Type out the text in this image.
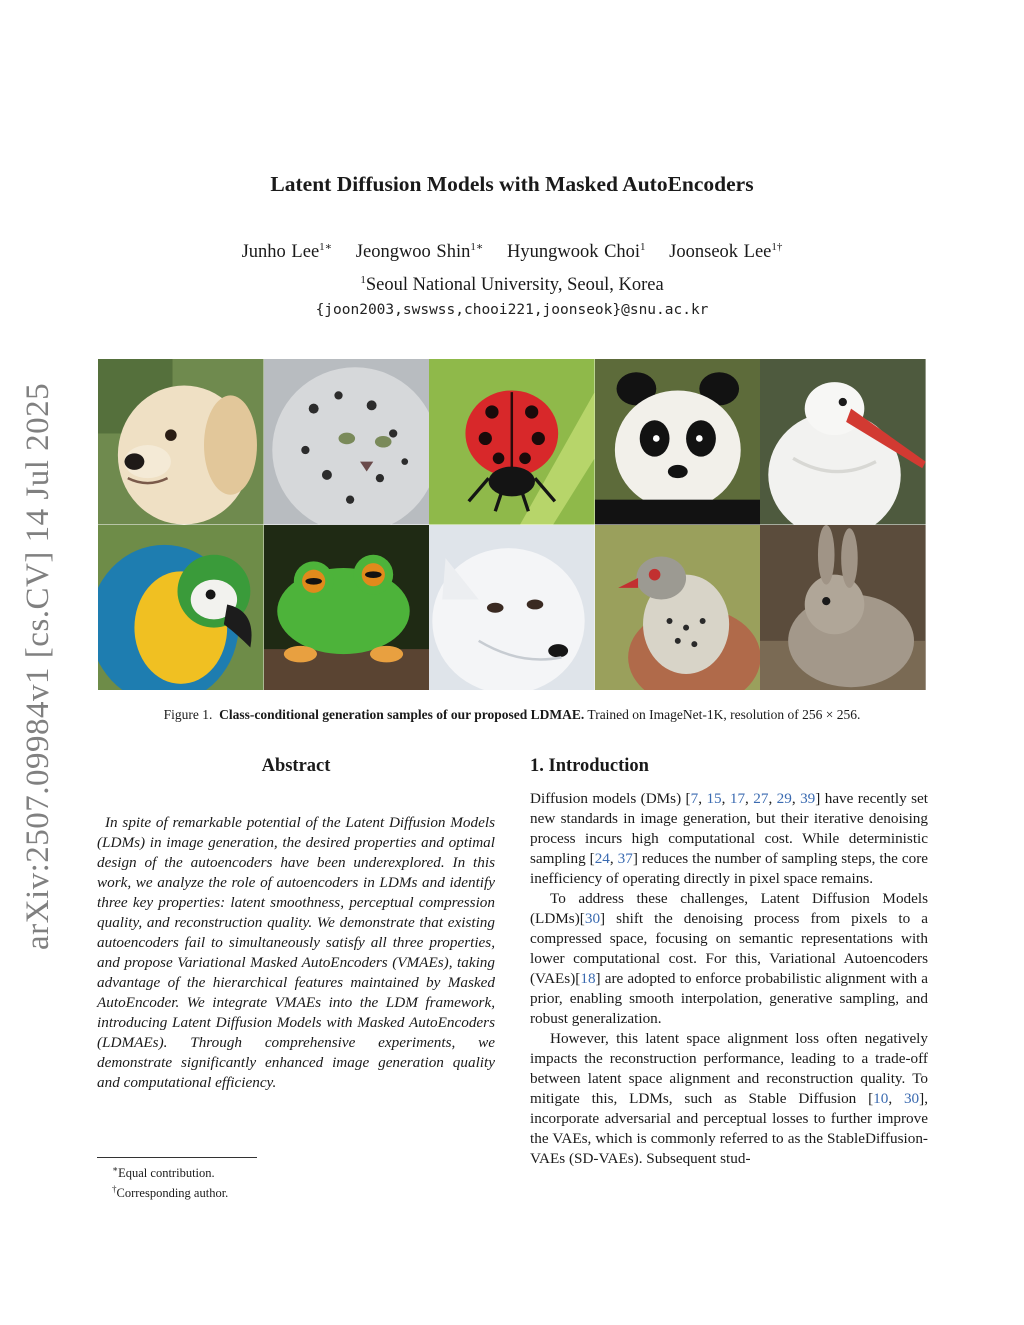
arXiv:2507.09984v1 [cs.CV] 14 Jul 2025
Latent Diffusion Models with Masked AutoEncoders
Junho Lee$^{1∗}$ Jeongwoo Shin$^{1∗}$ Hyungwook Choi$^1$ Joonseok Lee$^{1\dagger}$
$^1$Seoul National University, Seoul, Korea
{joon2003,swswss,chooi221,joonseok}@snu.ac.kr
Figure 1. Class-conditional generation samples of our proposed LDMAE. Trained on ImageNet-1K, resolution of 256 × 256.
Abstract

In spite of remarkable potential of the Latent Diffusion Models (LDMs) in image generation, the desired properties and optimal design of the autoencoders have been underexplored. In this work, we analyze the role of autoencoders in LDMs and identify three key properties: latent smoothness, perceptual compression quality, and reconstruction quality. We demonstrate that existing autoencoders fail to simultaneously satisfy all three properties, and propose Variational Masked AutoEncoders (VMAEs), taking advantage of the hierarchical features maintained by Masked AutoEncoder. We integrate VMAEs into the LDM framework, introducing Latent Diffusion Models with Masked AutoEncoders (LDMAEs). Through comprehensive experiments, we demonstrate significantly enhanced image generation quality and computational efficiency.

1. Introduction

Diffusion models (DMs) [7, 15, 17, 27, 29, 39] have recently set new standards in image generation, but their iterative denoising process incurs high computational cost. While deterministic sampling [24, 37] reduces the number of sampling steps, the core inefficiency of operating directly in pixel space remains.

To address these challenges, Latent Diffusion Models (LDMs)[30] shift the denoising process from pixels to a compressed space, focusing on semantic representations with lower computational cost. For this, Variational Autoencoders (VAEs)[18] are adopted to enforce probabilistic alignment with a prior, enabling smooth interpolation, generative sampling, and robust generalization.

However, this latent space alignment loss often negatively impacts the reconstruction performance, leading to a trade-off between latent space alignment and reconstruction quality. To mitigate this, LDMs, such as Stable Diffusion [10, 30], incorporate adversarial and perceptual losses to further improve the VAEs, which is commonly referred to as the StableDiffusion-VAEs (SD-VAEs). Subsequent stud-

∗Equal contribution.
†Corresponding author.
